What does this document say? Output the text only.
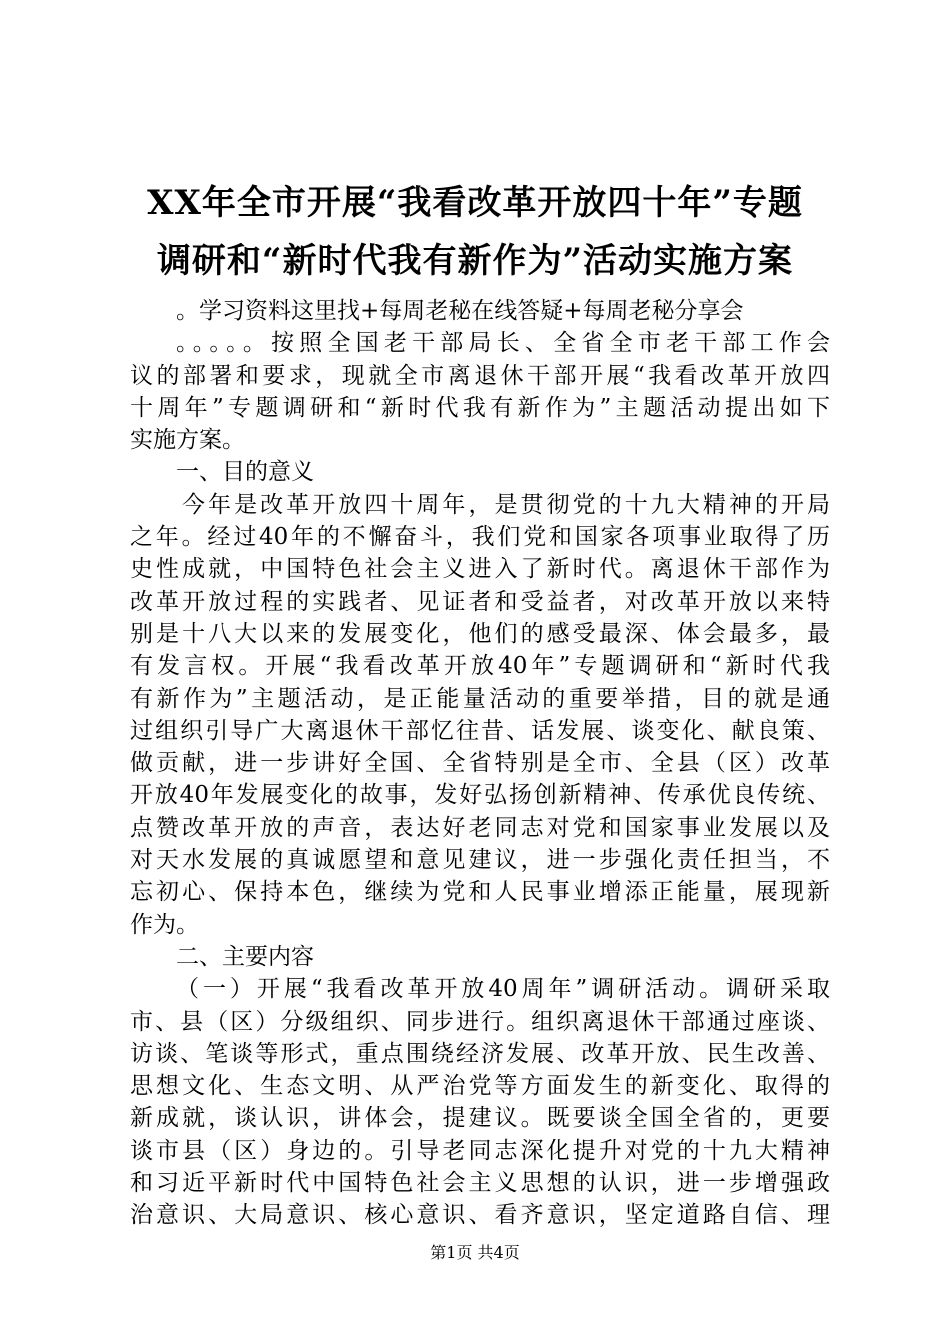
XX年全市开展“我看改革开放四十年”专题
调研和“新时代我有新作为”活动实施方案
。学习资料这里找+每周老秘在线答疑+每周老秘分享会
。。。。。按照全国老干部局长、全省全市老干部工作会
议的部署和要求，现就全市离退休干部开展“我看改革开放四
十周年”专题调研和“新时代我有新作为”主题活动提出如下
实施方案。
一、目的意义
今年是改革开放四十周年，是贯彻党的十九大精神的开局
之年。经过40年的不懈奋斗，我们党和国家各项事业取得了历
史性成就，中国特色社会主义进入了新时代。离退休干部作为
改革开放过程的实践者、见证者和受益者，对改革开放以来特
别是十八大以来的发展变化，他们的感受最深、体会最多，最
有发言权。开展“我看改革开放40年”专题调研和“新时代我
有新作为”主题活动，是正能量活动的重要举措，目的就是通
过组织引导广大离退休干部忆往昔、话发展、谈变化、献良策、
做贡献，进一步讲好全国、全省特别是全市、全县（区）改革
开放40年发展变化的故事，发好弘扬创新精神、传承优良传统、
点赞改革开放的声音，表达好老同志对党和国家事业发展以及
对天水发展的真诚愿望和意见建议，进一步强化责任担当，不
忘初心、保持本色，继续为党和人民事业增添正能量，展现新
作为。
二、主要内容
（一）开展“我看改革开放40周年”调研活动。调研采取
市、县（区）分级组织、同步进行。组织离退休干部通过座谈、
访谈、笔谈等形式，重点围绕经济发展、改革开放、民生改善、
思想文化、生态文明、从严治党等方面发生的新变化、取得的
新成就，谈认识，讲体会，提建议。既要谈全国全省的，更要
谈市县（区）身边的。引导老同志深化提升对党的十九大精神
和习近平新时代中国特色社会主义思想的认识，进一步增强政
治意识、大局意识、核心意识、看齐意识，坚定道路自信、理
第1页 共4页
